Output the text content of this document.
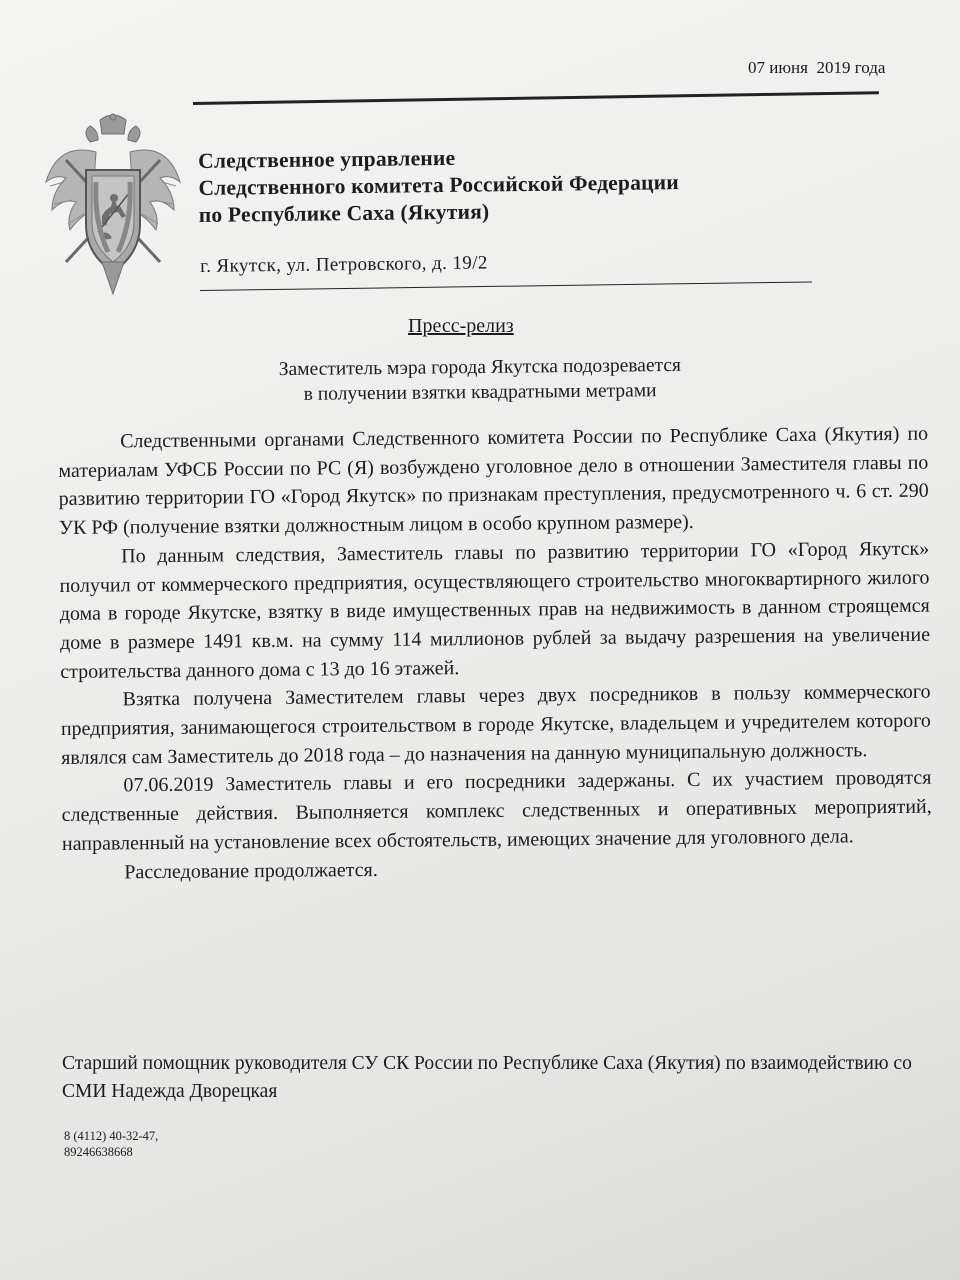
07 июня  2019 года
Следственное управление
Следственного комитета Российской Федерации
по Республике Саха (Якутия)
г. Якутск, ул. Петровского, д. 19/2
Пресс-релиз
Заместитель мэра города Якутска подозревается
в получении взятки квадратными метрами

Следственными органами Следственного комитета России по Республике Саха (Якутия) по материалам УФСБ России по РС (Я) возбуждено уголовное дело в отношении Заместителя главы по развитию территории ГО «Город Якутск» по признакам преступления, предусмотренного ч. 6 ст. 290 УК РФ (получение взятки должностным лицом в особо крупном размере).

По данным следствия, Заместитель главы по развитию территории ГО «Город Якутск» получил от коммерческого предприятия, осуществляющего строительство многоквартирного жилого дома в городе Якутске, взятку в виде имущественных прав на недвижимость в данном строящемся доме в размере 1491 кв.м. на сумму 114 миллионов рублей за выдачу разрешения на увеличение строительства данного дома с 13 до 16 этажей.

Взятка получена Заместителем главы через двух посредников в пользу коммерческого предприятия, занимающегося строительством в городе Якутске, владельцем и учредителем которого являлся сам Заместитель до 2018 года – до назначения на данную муниципальную должность.

07.06.2019 Заместитель главы и его посредники задержаны. С их участием проводятся следственные действия. Выполняется комплекс следственных и оперативных мероприятий, направленный на установление всех обстоятельств, имеющих значение для уголовного дела.

Расследование продолжается.

Старший помощник руководителя СУ СК России по Республике Саха (Якутия) по взаимодействию со СМИ Надежда Дворецкая
8 (4112) 40-32-47,
89246638668
